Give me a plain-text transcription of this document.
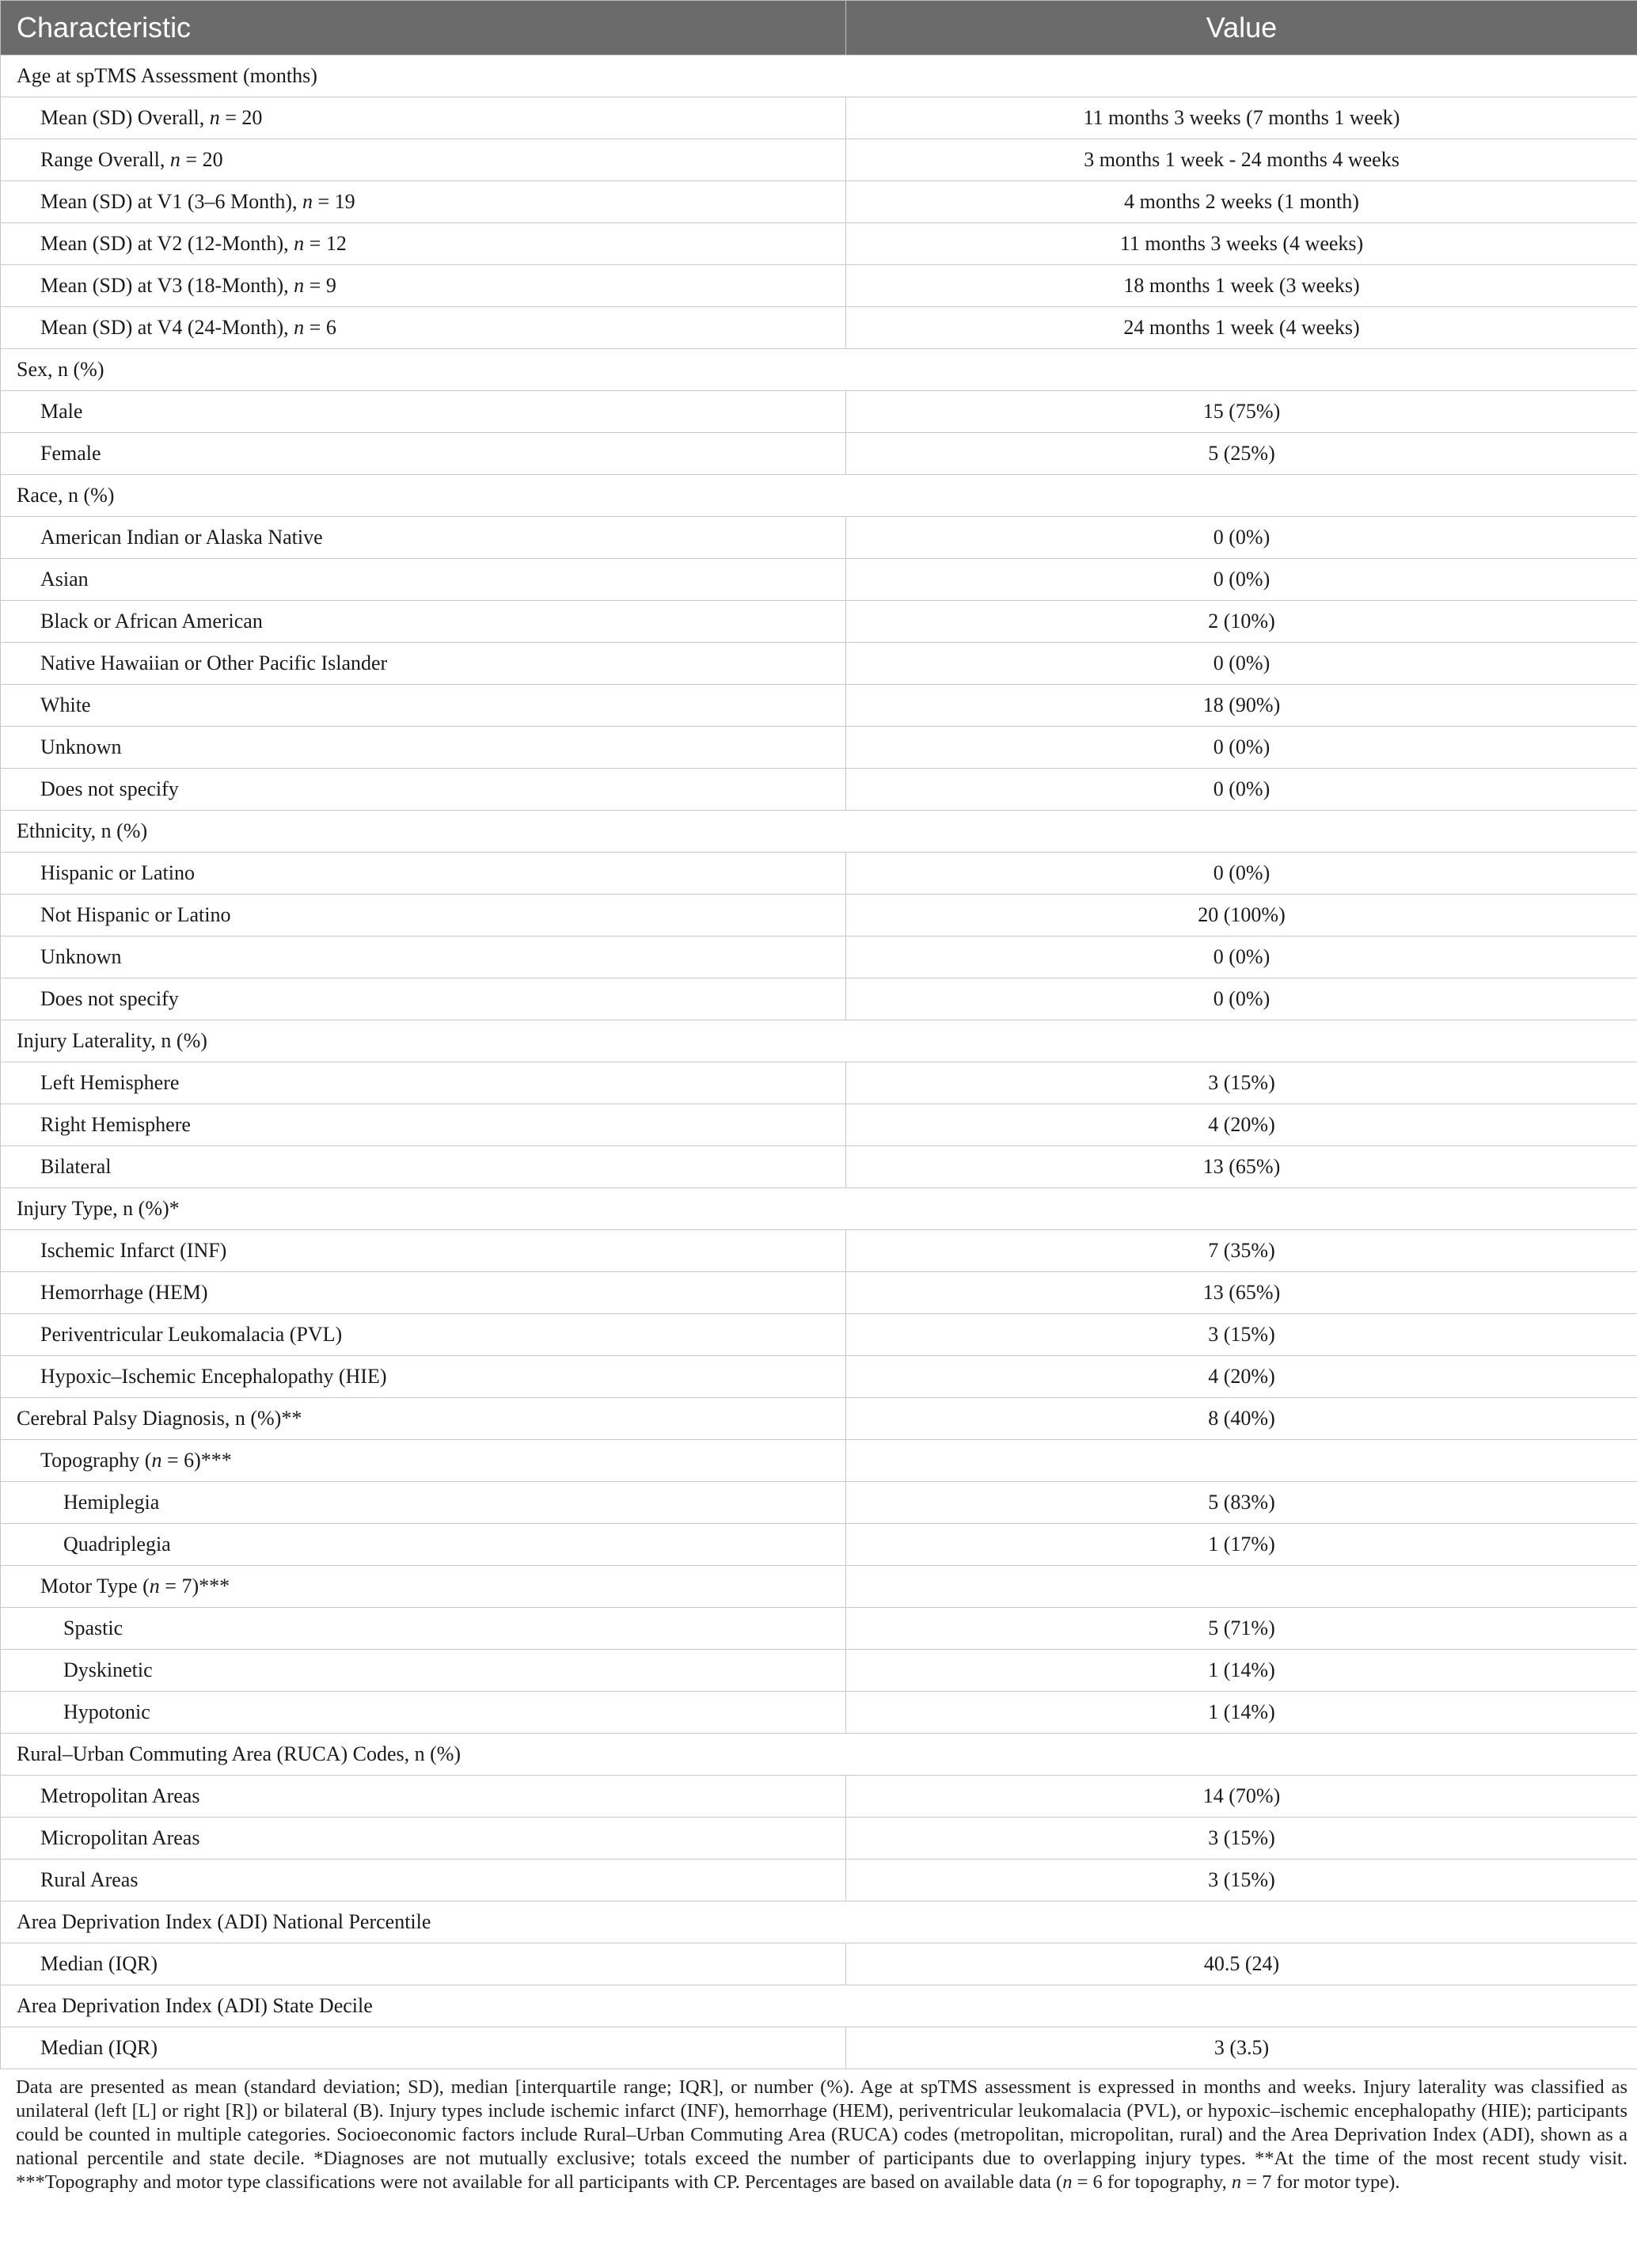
Characteristic	Value
Age at spTMS Assessment (months)	
Mean (SD) Overall, n = 20	11 months 3 weeks (7 months 1 week)
Range Overall, n = 20	3 months 1 week - 24 months 4 weeks
Mean (SD) at V1 (3–6 Month), n = 19	4 months 2 weeks (1 month)
Mean (SD) at V2 (12-Month), n = 12	11 months 3 weeks (4 weeks)
Mean (SD) at V3 (18-Month), n = 9	18 months 1 week (3 weeks)
Mean (SD) at V4 (24-Month), n = 6	24 months 1 week (4 weeks)
Sex, n (%)	
Male	15 (75%)
Female	5 (25%)
Race, n (%)	
American Indian or Alaska Native	0 (0%)
Asian	0 (0%)
Black or African American	2 (10%)
Native Hawaiian or Other Pacific Islander	0 (0%)
White	18 (90%)
Unknown	0 (0%)
Does not specify	0 (0%)
Ethnicity, n (%)	
Hispanic or Latino	0 (0%)
Not Hispanic or Latino	20 (100%)
Unknown	0 (0%)
Does not specify	0 (0%)
Injury Laterality, n (%)	
Left Hemisphere	3 (15%)
Right Hemisphere	4 (20%)
Bilateral	13 (65%)
Injury Type, n (%)*	
Ischemic Infarct (INF)	7 (35%)
Hemorrhage (HEM)	13 (65%)
Periventricular Leukomalacia (PVL)	3 (15%)
Hypoxic–Ischemic Encephalopathy (HIE)	4 (20%)
Cerebral Palsy Diagnosis, n (%)**	8 (40%)
Topography (n = 6)***	
Hemiplegia	5 (83%)
Quadriplegia	1 (17%)
Motor Type (n = 7)***	
Spastic	5 (71%)
Dyskinetic	1 (14%)
Hypotonic	1 (14%)
Rural–Urban Commuting Area (RUCA) Codes, n (%)	
Metropolitan Areas	14 (70%)
Micropolitan Areas	3 (15%)
Rural Areas	3 (15%)
Area Deprivation Index (ADI) National Percentile	
Median (IQR)	40.5 (24)
Area Deprivation Index (ADI) State Decile	
Median (IQR)	3 (3.5)
Data are presented as mean (standard deviation; SD), median [interquartile range; IQR], or number (%). Age at spTMS assessment is expressed in months and weeks. Injury laterality was classified as unilateral (left [L] or right [R]) or bilateral (B). Injury types include ischemic infarct (INF), hemorrhage (HEM), periventricular leukomalacia (PVL), or hypoxic–ischemic encephalopathy (HIE); participants could be counted in multiple categories. Socioeconomic factors include Rural–Urban Commuting Area (RUCA) codes (metropolitan, micropolitan, rural) and the Area Deprivation Index (ADI), shown as a national percentile and state decile. *Diagnoses are not mutually exclusive; totals exceed the number of participants due to overlapping injury types. **At the time of the most recent study visit. ***Topography and motor type classifications were not available for all participants with CP. Percentages are based on available data (n = 6 for topography, n = 7 for motor type).
